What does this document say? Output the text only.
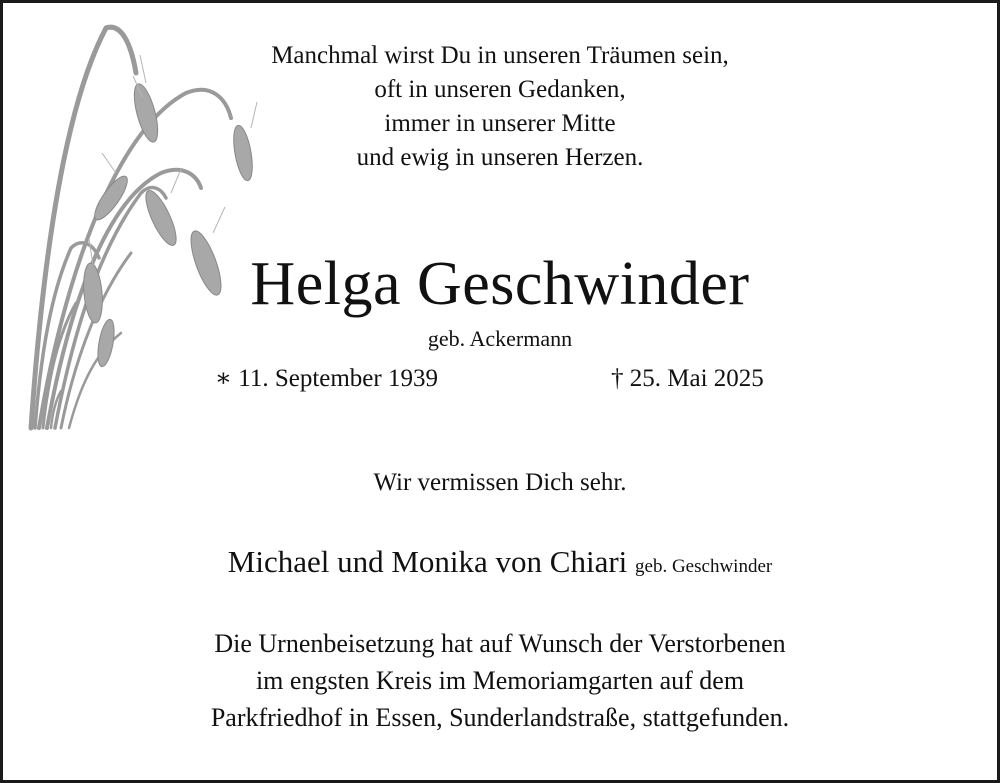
Manchmal wirst Du in unseren Träumen sein,
oft in unseren Gedanken,
immer in unserer Mitte
und ewig in unseren Herzen.
Helga Geschwinder
geb. Ackermann
∗ 11. September 1939	† 25. Mai 2025
Wir vermissen Dich sehr.
Michael und Monika von Chiari geb. Geschwinder
Die Urnenbeisetzung hat auf Wunsch der Verstorbenen
im engsten Kreis im Memoriamgarten auf dem
Parkfriedhof in Essen, Sunderlandstraße, stattgefunden.
